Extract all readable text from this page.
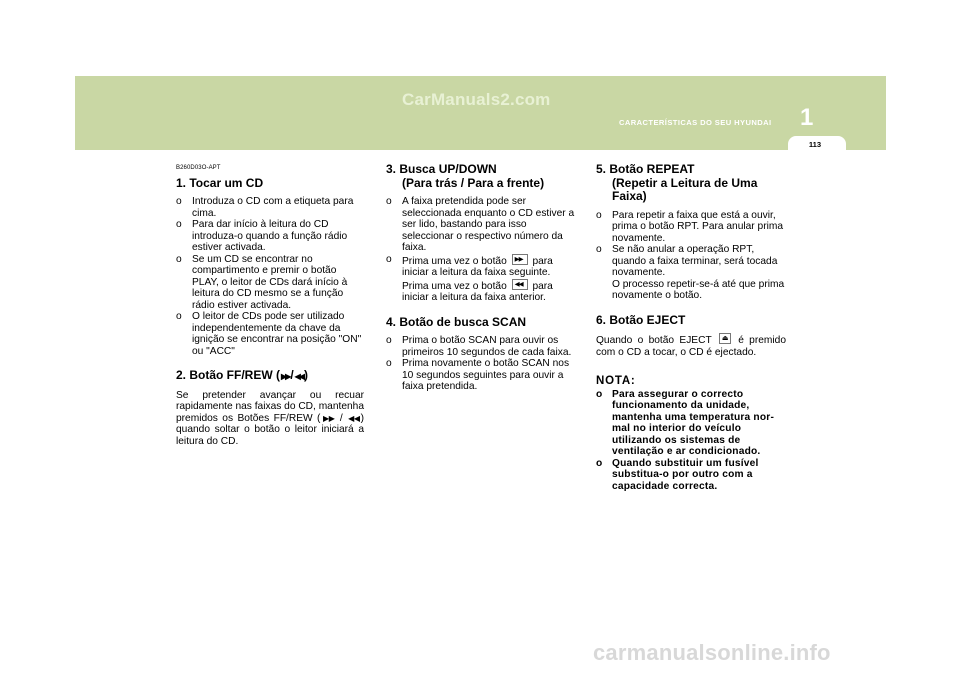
CarManuals2.com
CARACTERÍSTICAS DO SEU HYUNDAI 1
113
B260D03O-APT
1. Tocar um CD
o Introduza o CD com a etiqueta para cima.
o Para dar início à leitura do CD introduza-o quando a função rádio estiver activada.
o Se um CD se encontrar no compartimento e premir o botão PLAY, o leitor de CDs dará início à leitura do CD mesmo se a função rádio estiver activada.
o O leitor de CDs pode ser utilizado independentemente da chave da ignição se encontrar na posição "ON" ou "ACC"
2. Botão FF/REW (▶▶/◀◀)

Se pretender avançar ou recuar rapidamente nas faixas do CD, mantenha premidos os Botões FF/REW (▶▶ / ◀◀) quando soltar o botão o leitor iniciará a leitura do CD.

3. Busca UP/DOWN
(Para trás / Para a frente)
o A faixa pretendida pode ser seleccionada enquanto o CD estiver a ser lido, bastando para isso seleccionar o respectivo número da faixa.
o Prima uma vez o botão ▶▶ para iniciar a leitura da faixa seguinte. Prima uma vez o botão ◀◀ para iniciar a leitura da faixa anterior.
4. Botão de busca SCAN
o Prima o botão SCAN para ouvir os primeiros 10 segundos de cada faixa.
o Prima novamente o botão SCAN nos 10 segundos seguintes para ouvir a faixa pretendida.
5. Botão REPEAT
(Repetir a Leitura de Uma Faixa)
o Para repetir a faixa que está a ouvir, prima o botão RPT. Para anular prima novamente.
o Se não anular a operação RPT, quando a faixa terminar, será tocada novamente.
O processo repetir-se-á até que prima novamente o botão.
6. Botão EJECT

Quando o botão EJECT ⏏ é premido com o CD a tocar, o CD é ejectado.

NOTA:
o Para assegurar o correcto funcionamento da unidade, mantenha uma temperatura nor-mal no interior do veículo utilizando os sistemas de ventilação e ar condicionado.
o Quando substituir um fusível substitua-o por outro com a capacidade correcta.
carmanualsonline.info
